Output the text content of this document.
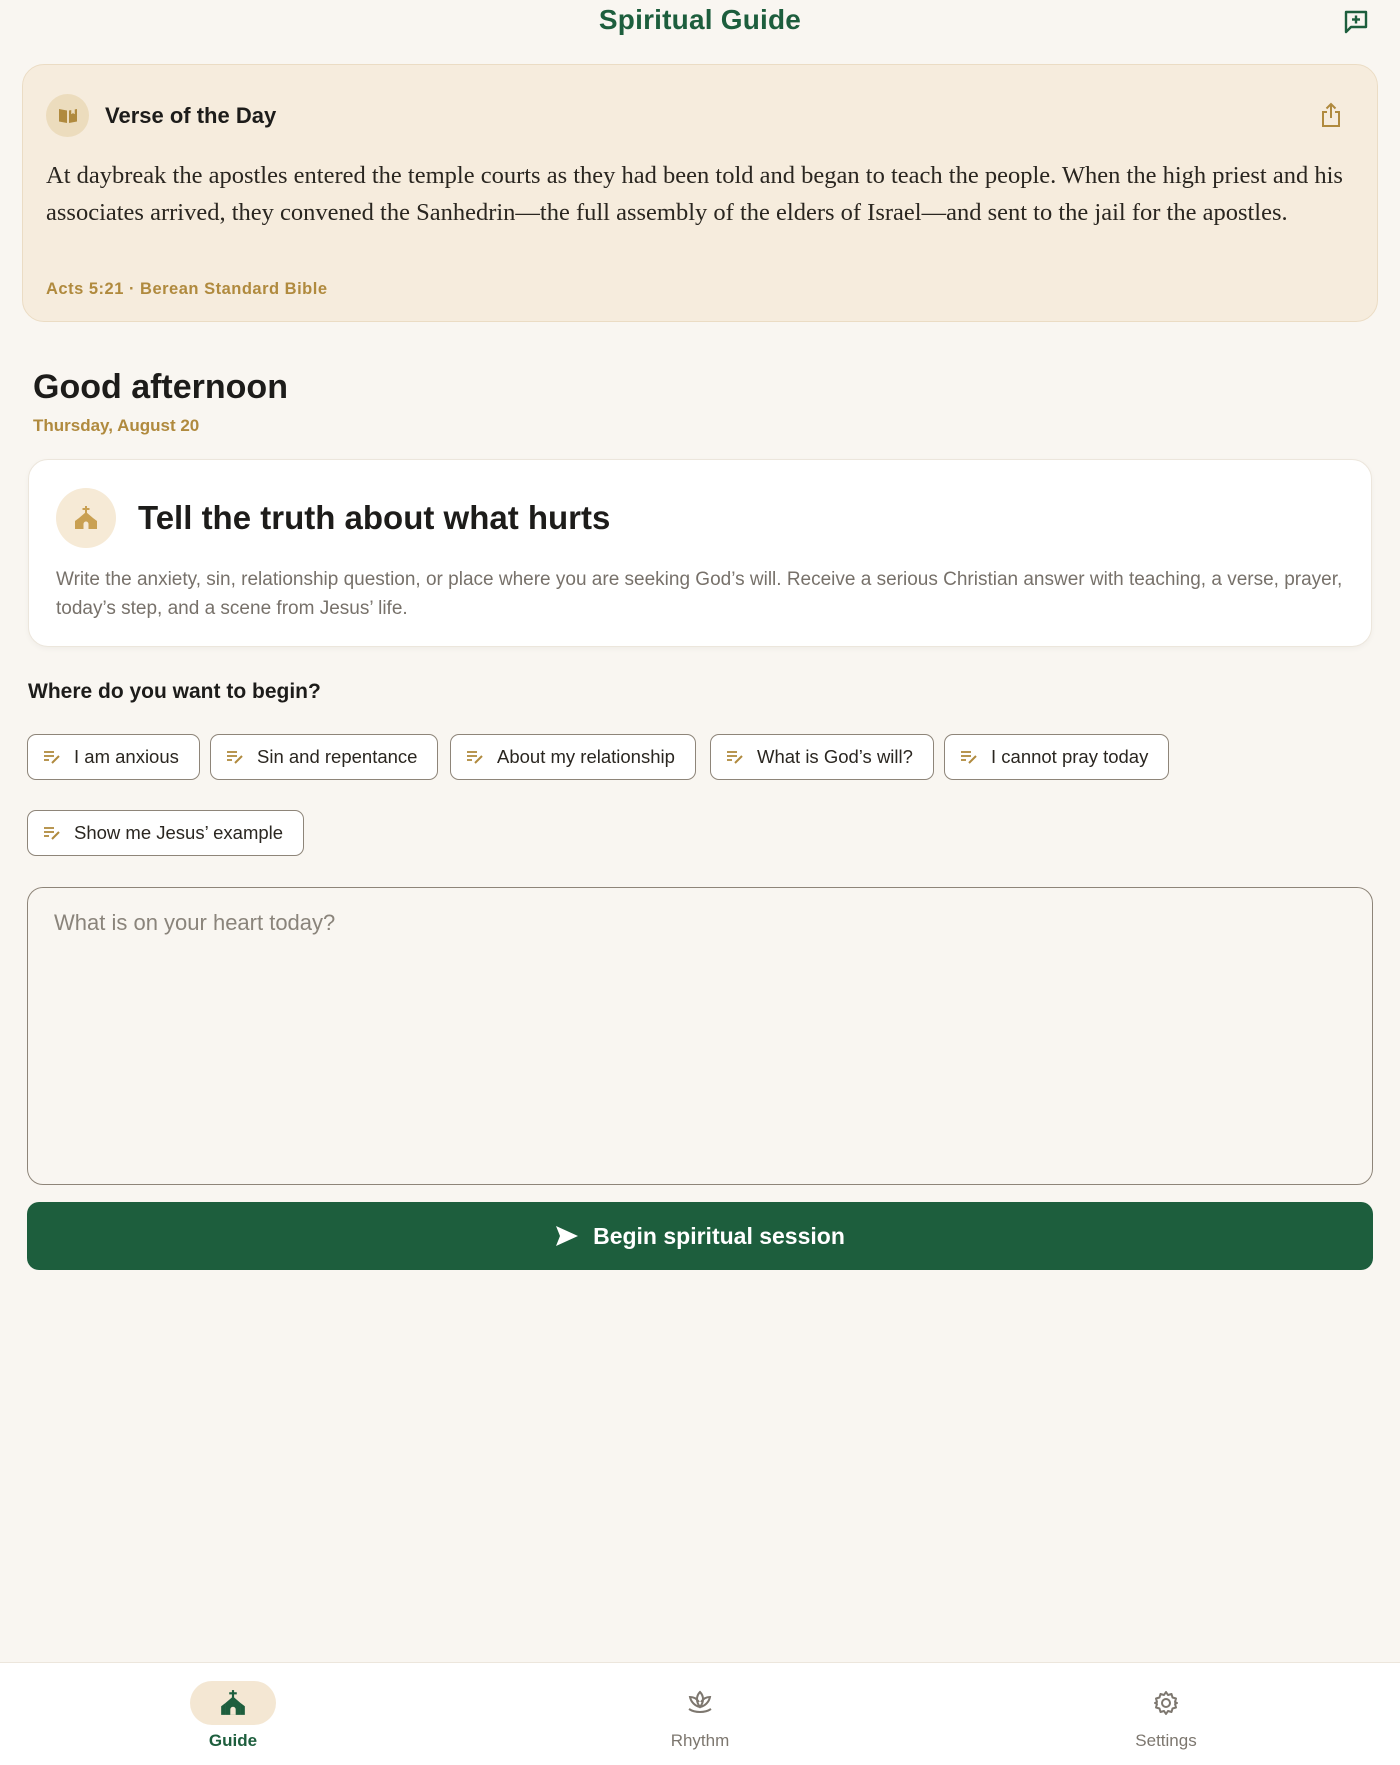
Spiritual Guide
Verse of the Day
At daybreak the apostles entered the temple courts as they had been told and began to teach the people. When the high priest and his associates arrived, they convened the Sanhedrin—the full assembly of the elders of Israel—and sent to the jail for the apostles.
Acts 5:21 · Berean Standard Bible
Good afternoon
Thursday, August 20
Tell the truth about what hurts
Write the anxiety, sin, relationship question, or place where you are seeking God’s will. Receive a serious Christian answer with teaching, a verse, prayer, today’s step, and a scene from Jesus’ life.
Where do you want to begin?
I am anxious	Sin and repentance	About my relationship	What is God’s will?	I cannot pray today
Show me Jesus’ example
What is on your heart today?
Begin spiritual session
Guide	Rhythm	Settings
